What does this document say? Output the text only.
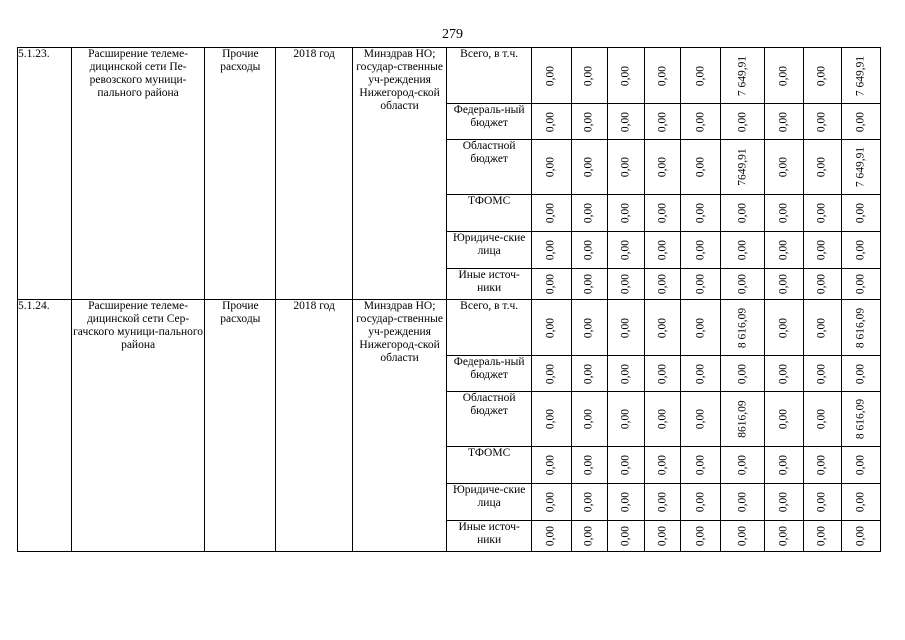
279
5.1.23.	Расширение телеме-дицинской сети Пе-ревозского муници-пального района	Прочие расходы	2018 год	Минздрав НО; государ-ственные уч-реждения Нижегород-ской области	Всего, в т.ч.	0,00	0,00	0,00	0,00	0,00	7 649,91	0,00	0,00	7 649,91

					Федераль-ный бюджет	0,00	0,00	0,00	0,00	0,00	0,00	0,00	0,00	0,00

					Областной бюджет	0,00	0,00	0,00	0,00	0,00	7649,91	0,00	0,00	7 649,91

					ТФОМС	0,00	0,00	0,00	0,00	0,00	0,00	0,00	0,00	0,00

					Юридиче-ские лица	0,00	0,00	0,00	0,00	0,00	0,00	0,00	0,00	0,00

					Иные источ-ники	0,00	0,00	0,00	0,00	0,00	0,00	0,00	0,00	0,00

5.1.24.	Расширение телеме-дицинской сети Сер-гачского муници-пального района	Прочие расходы	2018 год	Минздрав НО; государ-ственные уч-реждения Нижегород-ской области	Всего, в т.ч.	0,00	0,00	0,00	0,00	0,00	8 616,09	0,00	0,00	8 616,09

					Федераль-ный бюджет	0,00	0,00	0,00	0,00	0,00	0,00	0,00	0,00	0,00

					Областной бюджет	0,00	0,00	0,00	0,00	0,00	8616,09	0,00	0,00	8 616,09

					ТФОМС	0,00	0,00	0,00	0,00	0,00	0,00	0,00	0,00	0,00

					Юридиче-ские лица	0,00	0,00	0,00	0,00	0,00	0,00	0,00	0,00	0,00

					Иные источ-ники	0,00	0,00	0,00	0,00	0,00	0,00	0,00	0,00	0,00
